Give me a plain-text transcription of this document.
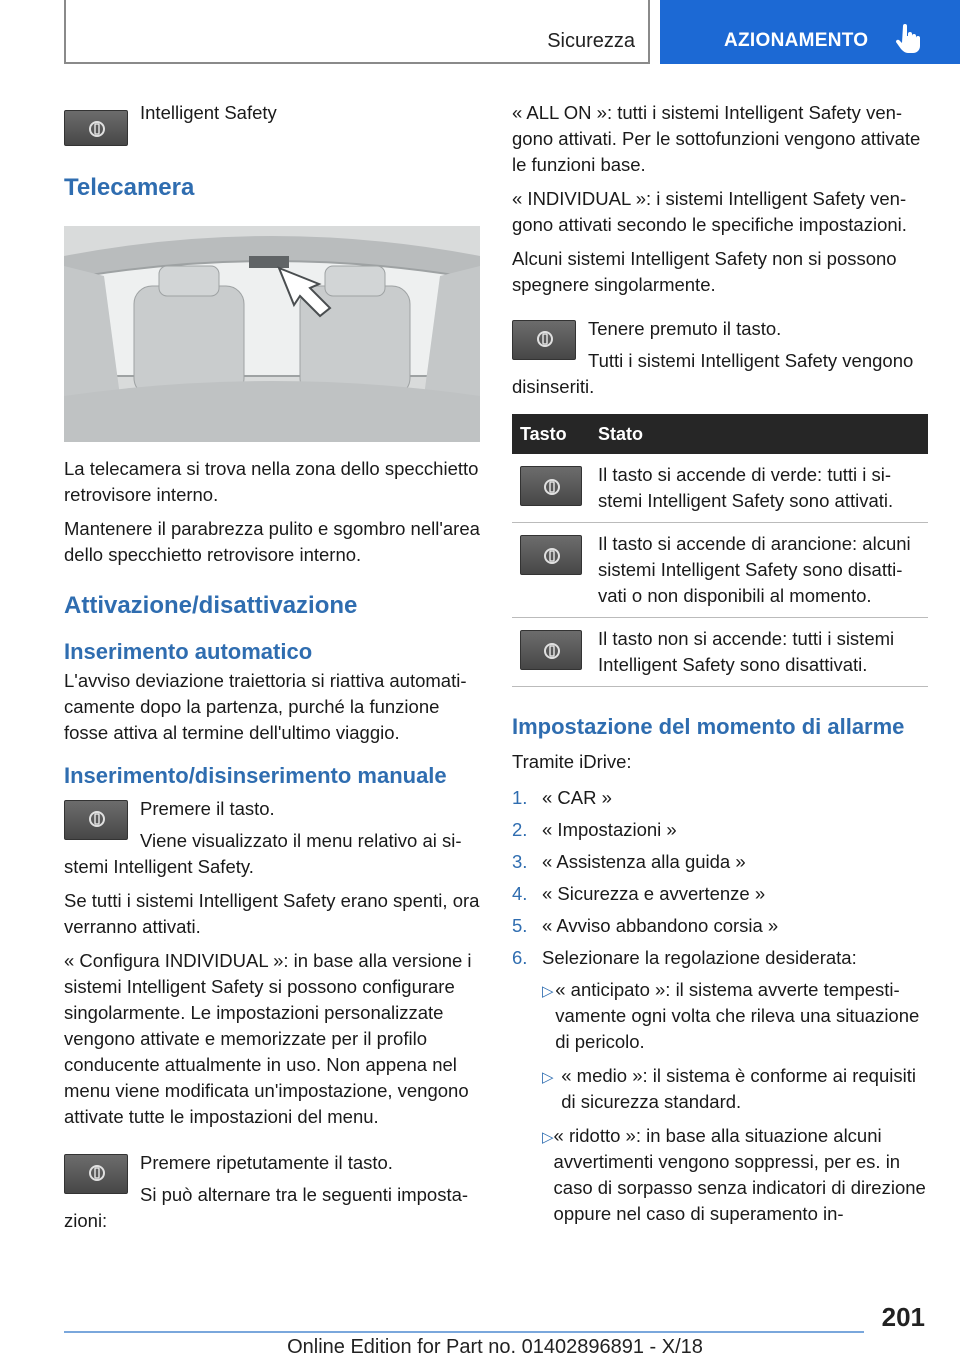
Sicurezza	AZIONAMENTO

Intelligent Safety

Telecamera

La telecamera si trova nella zona dello specchietto retrovisore interno.

Mantenere il parabrezza pulito e sgombro nell'area dello specchietto retrovisore interno.

Attivazione/disattivazione
Inserimento automatico

L'avviso deviazione traiettoria si riattiva automaticamente dopo la partenza, purché la funzione fosse attiva al termine dell'ultimo viaggio.

Inserimento/disinserimento manuale

Premere il tasto.

Viene visualizzato il menu relativo ai sistemi Intelligent Safety.

Se tutti i sistemi Intelligent Safety erano spenti, ora verranno attivati.

« Configura INDIVIDUAL »: in base alla versione i sistemi Intelligent Safety si possono configurare singolarmente. Le impostazioni personalizzate vengono attivate e memorizzate per il profilo conducente attualmente in uso. Non appena nel menu viene modificata un'impostazione, vengono attivate tutte le impostazioni del menu.

Premere ripetutamente il tasto.

Si può alternare tra le seguenti impostazioni:

« ALL ON »: tutti i sistemi Intelligent Safety vengono attivati. Per le sottofunzioni vengono attivate le funzioni base.

« INDIVIDUAL »: i sistemi Intelligent Safety vengono attivati secondo le specifiche impostazioni.

Alcuni sistemi Intelligent Safety non si possono spegnere singolarmente.

Tenere premuto il tasto.

Tutti i sistemi Intelligent Safety vengono disinseriti.

Tasto	Stato

	Il tasto si accende di verde: tutti i sistemi Intelligent Safety sono attivati.

	Il tasto si accende di arancione: alcuni sistemi Intelligent Safety sono disattivati o non disponibili al momento.

	Il tasto non si accende: tutti i sistemi Intelligent Safety sono disattivati.
Impostazione del momento di allarme

Tramite iDrive:

1. « CAR »
2. « Impostazioni »
3. « Assistenza alla guida »
4. « Sicurezza e avvertenze »
5. « Avviso abbandono corsia »
6. Selezionare la regolazione desiderata:
▷ « anticipato »: il sistema avverte tempestivamente ogni volta che rileva una situazione di pericolo.
▷ « medio »: il sistema è conforme ai requisiti di sicurezza standard.
▷ « ridotto »: in base alla situazione alcuni avvertimenti vengono soppressi, per es. in caso di sorpasso senza indicatori di direzione oppure nel caso di superamento in-
201
Online Edition for Part no. 01402896891 - X/18
